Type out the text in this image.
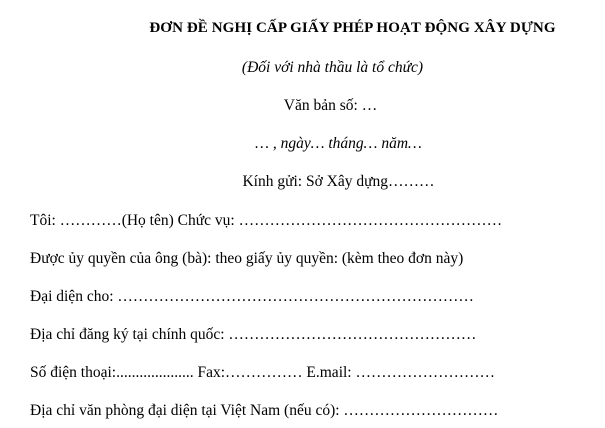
ĐƠN ĐỀ NGHỊ CẤP GIẤY PHÉP HOẠT ĐỘNG XÂY DỰNG
(Đối với nhà thầu là tổ chức)
Văn bản số: …
… , ngày… tháng… năm…
Kính gửi: Sở Xây dựng………
Tôi: …………(Họ tên) Chức vụ: ……………………………………………
Được ủy quyền của ông (bà): theo giấy ủy quyền: (kèm theo đơn này)
Đại diện cho: ……………………………………………………………
Địa chỉ đăng ký tại chính quốc: …………………………………………
Số điện thoại:.................... Fax:…………… E.mail: ………………………
Địa chỉ văn phòng đại diện tại Việt Nam (nếu có): …………………………
